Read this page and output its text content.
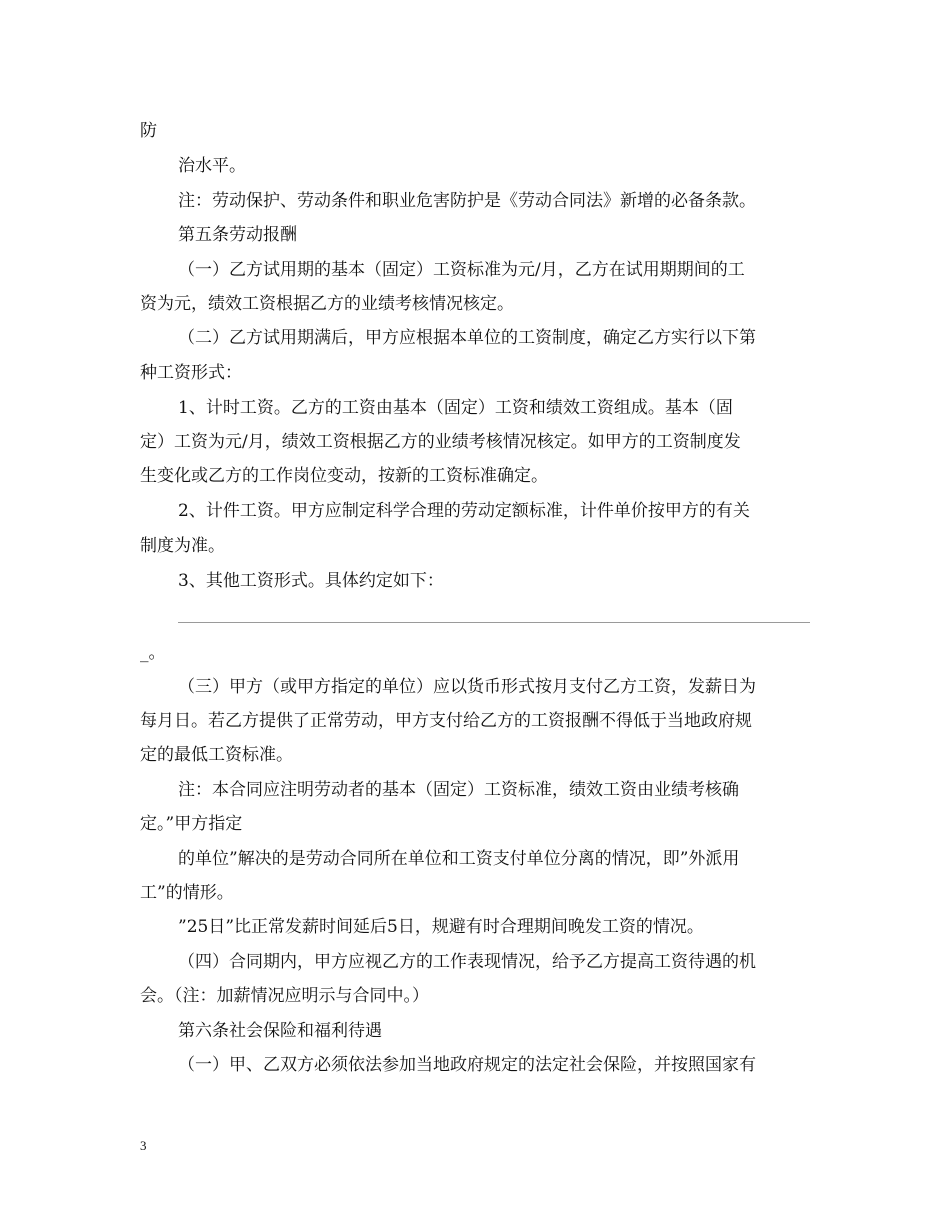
防
治水平。
注：劳动保护、劳动条件和职业危害防护是《劳动合同法》新增的必备条款。
第五条劳动报酬
（一）乙方试用期的基本（固定）工资标准为元/月，乙方在试用期期间的工
资为元，绩效工资根据乙方的业绩考核情况核定。
（二）乙方试用期满后，甲方应根据本单位的工资制度，确定乙方实行以下第
种工资形式：
1、计时工资。乙方的工资由基本（固定）工资和绩效工资组成。基本（固
定）工资为元/月，绩效工资根据乙方的业绩考核情况核定。如甲方的工资制度发
生变化或乙方的工作岗位变动，按新的工资标准确定。
2、计件工资。甲方应制定科学合理的劳动定额标准，计件单价按甲方的有关
制度为准。
3、其他工资形式。具体约定如下：
_。
（三）甲方（或甲方指定的单位）应以货币形式按月支付乙方工资，发薪日为
每月日。若乙方提供了正常劳动，甲方支付给乙方的工资报酬不得低于当地政府规
定的最低工资标准。
注：本合同应注明劳动者的基本（固定）工资标准，绩效工资由业绩考核确
定。”甲方指定
的单位”解决的是劳动合同所在单位和工资支付单位分离的情况，即”外派用
工”的情形。
”25日”比正常发薪时间延后5日，规避有时合理期间晚发工资的情况。
（四）合同期内，甲方应视乙方的工作表现情况，给予乙方提高工资待遇的机
会。（注：加薪情况应明示与合同中。）
第六条社会保险和福利待遇
（一）甲、乙双方必须依法参加当地政府规定的法定社会保险，并按照国家有
3
